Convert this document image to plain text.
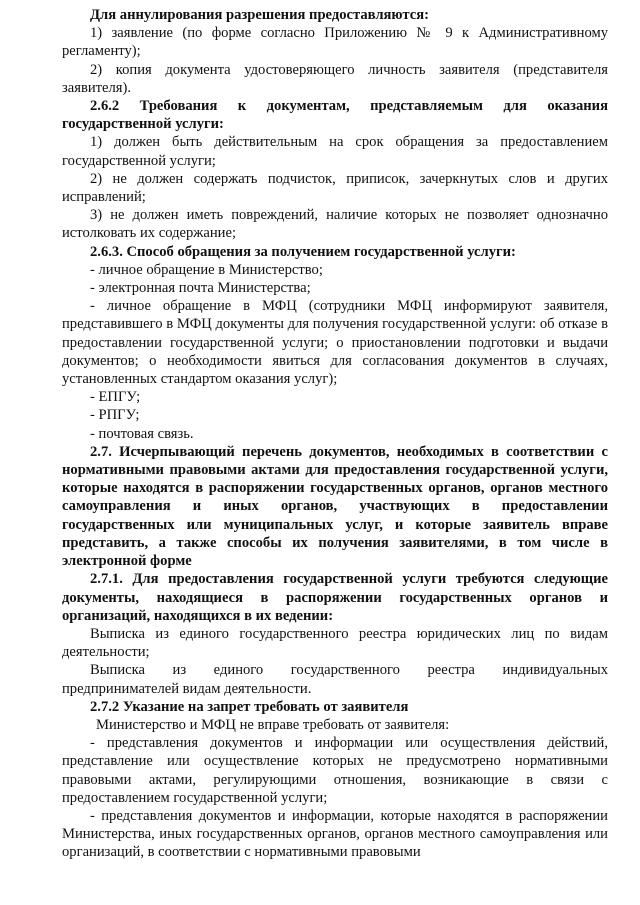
Для аннулирования разрешения предоставляются:

1) заявление (по форме согласно Приложению № 9 к Административному регламенту);

2) копия документа удостоверяющего личность заявителя (представителя заявителя).

2.6.2 Требования к документам, представляемым для оказания государственной услуги:

1) должен быть действительным на срок обращения за предоставлением государственной услуги;

2) не должен содержать подчисток, приписок, зачеркнутых слов и других исправлений;

3) не должен иметь повреждений, наличие которых не позволяет однозначно истолковать их содержание;

2.6.3. Способ обращения за получением государственной услуги:

- личное обращение в Министерство;

- электронная почта Министерства;

- личное обращение в МФЦ (сотрудники МФЦ информируют заявителя, представившего в МФЦ документы для получения государственной услуги: об отказе в предоставлении государственной услуги; о приостановлении подготовки и выдачи документов; о необходимости явиться для согласования документов в случаях, установленных стандартом оказания услуг);

- ЕПГУ;

- РПГУ;

- почтовая связь.

2.7. Исчерпывающий перечень документов, необходимых в соответствии с нормативными правовыми актами для предоставления государственной услуги, которые находятся в распоряжении государственных органов, органов местного самоуправления и иных органов, участвующих в предоставлении государственных или муниципальных услуг, и которые заявитель вправе представить, а также способы их получения заявителями, в том числе в электронной форме

2.7.1. Для предоставления государственной услуги требуются следующие документы, находящиеся в распоряжении государственных органов и организаций, находящихся в их ведении:

Выписка из единого государственного реестра юридических лиц по видам деятельности;

Выписка из единого государственного реестра индивидуальных предпринимателей видам деятельности.

2.7.2 Указание на запрет требовать от заявителя

Министерство и МФЦ не вправе требовать от заявителя:

- представления документов и информации или осуществления действий, представление или осуществление которых не предусмотрено нормативными правовыми актами, регулирующими отношения, возникающие в связи с предоставлением государственной услуги;

- представления документов и информации, которые находятся в распоряжении Министерства, иных государственных органов, органов местного самоуправления или организаций, в соответствии с нормативными правовыми
